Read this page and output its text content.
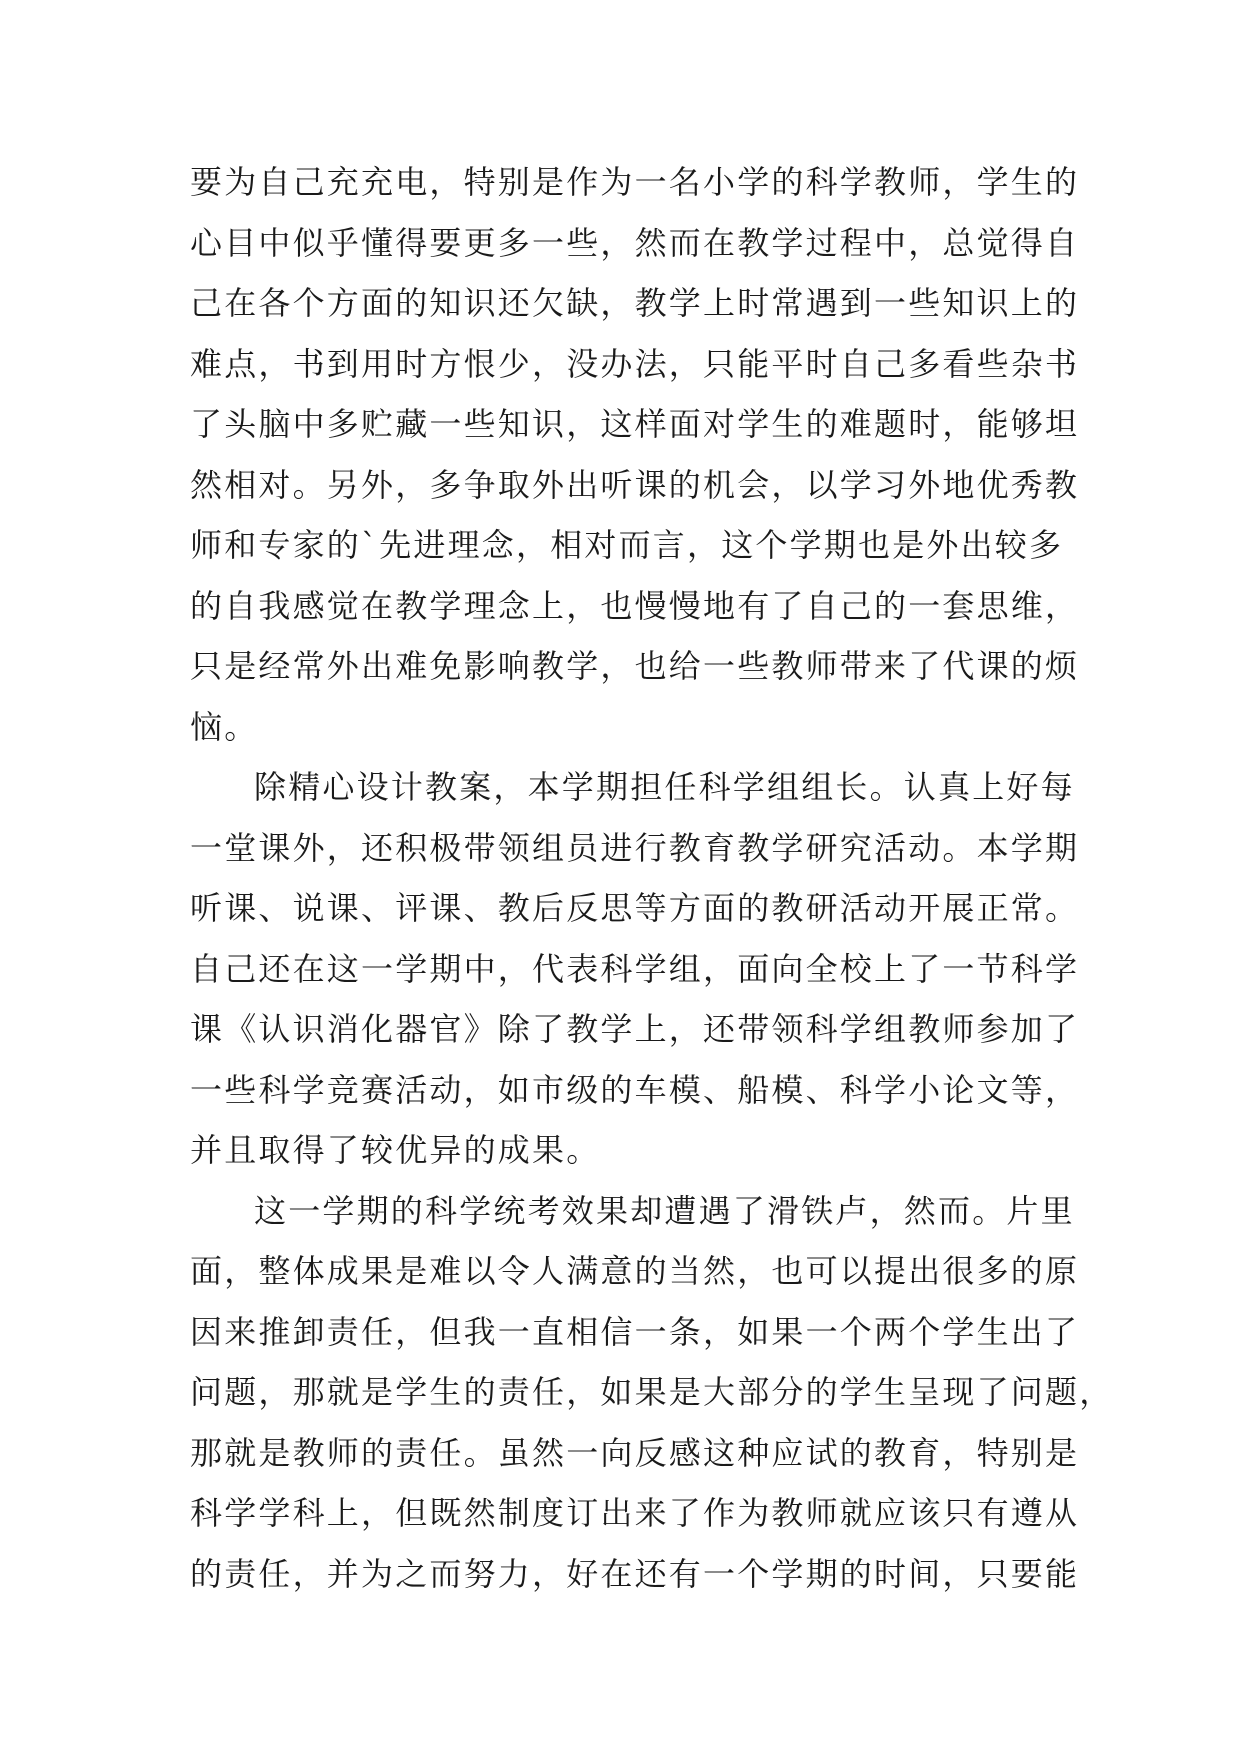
要为自己充充电，特别是作为一名小学的科学教师，学生的
心目中似乎懂得要更多一些，然而在教学过程中，总觉得自
己在各个方面的知识还欠缺，教学上时常遇到一些知识上的
难点，书到用时方恨少，没办法，只能平时自己多看些杂书
了头脑中多贮藏一些知识，这样面对学生的难题时，能够坦
然相对。另外，多争取外出听课的机会，以学习外地优秀教
师和专家的`先进理念，相对而言，这个学期也是外出较多
的自我感觉在教学理念上，也慢慢地有了自己的一套思维，
只是经常外出难免影响教学，也给一些教师带来了代课的烦
恼。
除精心设计教案，本学期担任科学组组长。认真上好每
一堂课外，还积极带领组员进行教育教学研究活动。本学期
听课、说课、评课、教后反思等方面的教研活动开展正常。
自己还在这一学期中，代表科学组，面向全校上了一节科学
课《认识消化器官》除了教学上，还带领科学组教师参加了
一些科学竞赛活动，如市级的车模、船模、科学小论文等，
并且取得了较优异的成果。
这一学期的科学统考效果却遭遇了滑铁卢，然而。片里
面，整体成果是难以令人满意的当然，也可以提出很多的原
因来推卸责任，但我一直相信一条，如果一个两个学生出了
问题，那就是学生的责任，如果是大部分的学生呈现了问题，
那就是教师的责任。虽然一向反感这种应试的教育，特别是
科学学科上，但既然制度订出来了作为教师就应该只有遵从
的责任，并为之而努力，好在还有一个学期的时间，只要能
